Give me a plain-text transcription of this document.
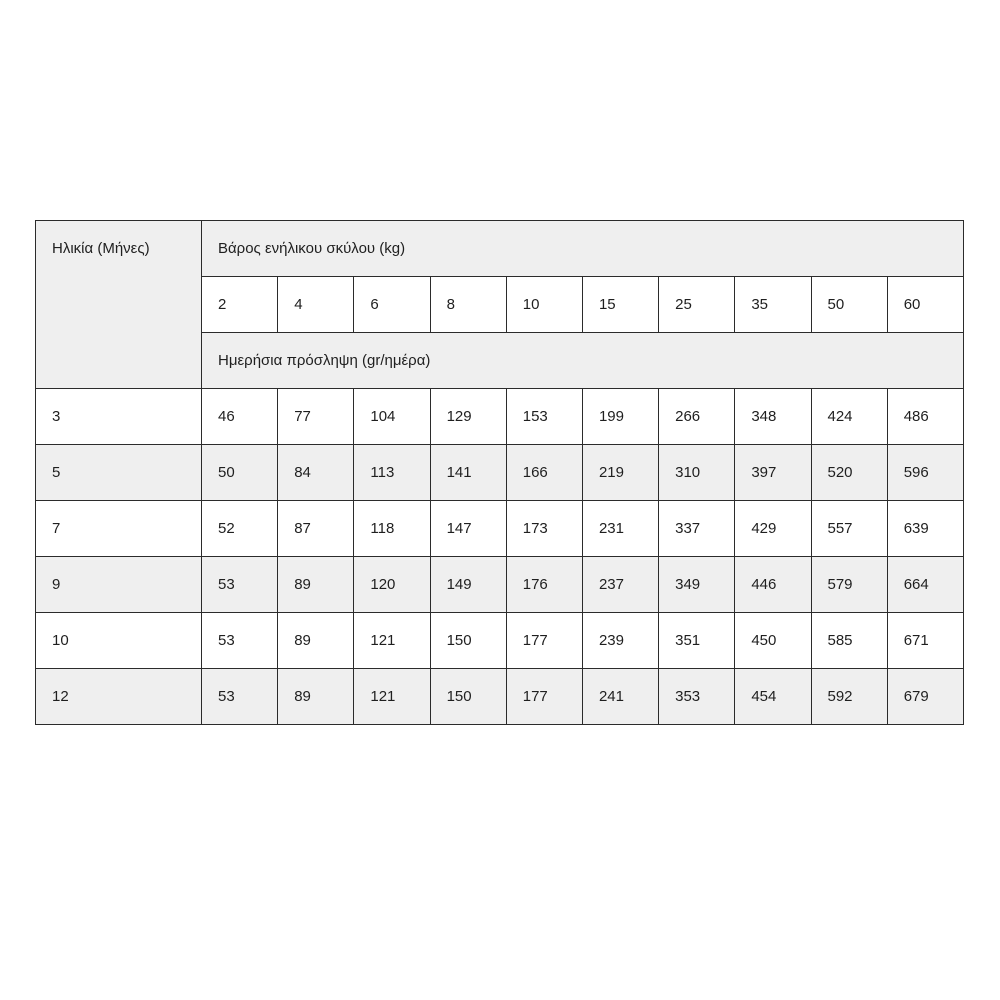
Ηλικία (Μήνες)	Βάρος ενήλικου σκύλου (kg)									
	2	4	6	8	10	15	25	35	50	60
	Ημερήσια πρόσληψη (gr/ημέρα)									
3	46	77	104	129	153	199	266	348	424	486
5	50	84	113	141	166	219	310	397	520	596
7	52	87	118	147	173	231	337	429	557	639
9	53	89	120	149	176	237	349	446	579	664
10	53	89	121	150	177	239	351	450	585	671
12	53	89	121	150	177	241	353	454	592	679
